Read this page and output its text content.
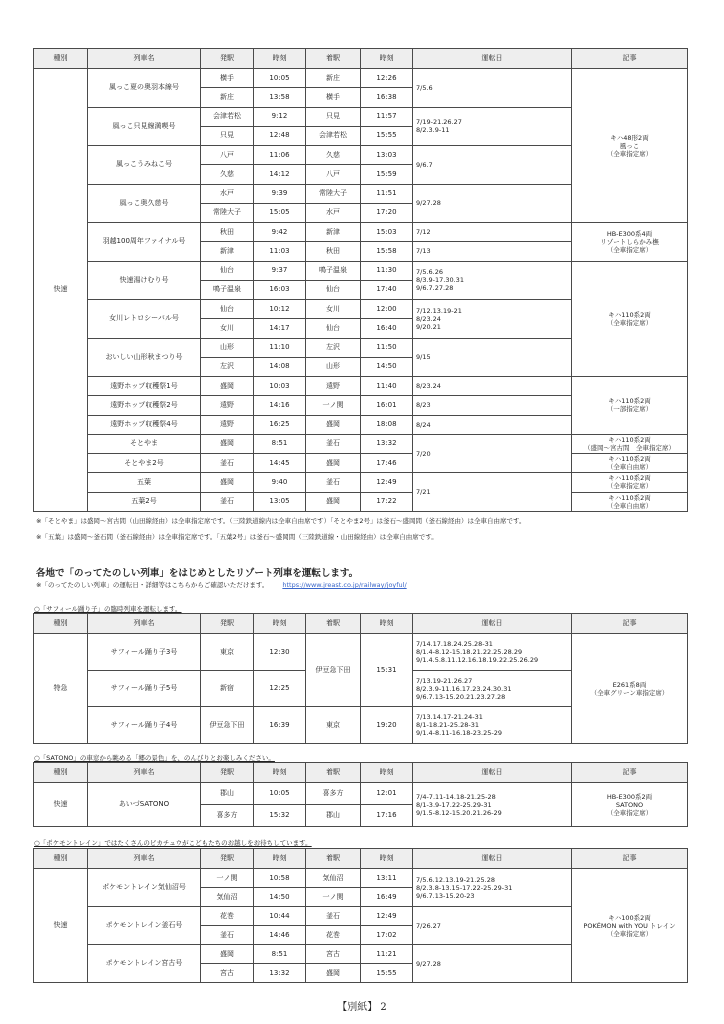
種別	列車名	発駅	時刻	着駅	時刻	運転日	記事
快速	風っこ夏の奥羽本線号	横手	10:05	新庄	12:26	7/5.6	キハ48形2両
風っこ
（全車指定席）
		新庄	13:58	横手	16:38		
	風っこ只見線満喫号	会津若松	9:12	只見	11:57	7/19-21.26.27
8/2.3.9-11	
		只見	12:48	会津若松	15:55		
	風っこうみねこ号	八戸	11:06	久慈	13:03	9/6.7	
		久慈	14:12	八戸	15:59		
	風っこ奥久慈号	水戸	9:39	常陸大子	11:51	9/27.28	
		常陸大子	15:05	水戸	17:20		
	羽越100周年ファイナル号	秋田	9:42	新津	15:03	7/12	HB-E300系4両
リゾートしらかみ橅
（全車指定席）
		新津	11:03	秋田	15:58	7/13	
	快速湯けむり号	仙台	9:37	鳴子温泉	11:30	7/5.6.26
8/3.9-17.30.31
9/6.7.27.28	キハ110系2両
（全車指定席）
		鳴子温泉	16:03	仙台	17:40		
	女川レトロシーバル号	仙台	10:12	女川	12:00	7/12.13.19-21
8/23.24
9/20.21	
		女川	14:17	仙台	16:40		
	おいしい山形秋まつり号	山形	11:10	左沢	11:50	9/15	
		左沢	14:08	山形	14:50		
	遠野ホップ収穫祭1号	盛岡	10:03	遠野	11:40	8/23.24	キハ110系2両
（一部指定席）
	遠野ホップ収穫祭2号	遠野	14:16	一ノ関	16:01	8/23	
	遠野ホップ収穫祭4号	遠野	16:25	盛岡	18:08	8/24	
	そとやま	盛岡	8:51	釜石	13:32	7/20	キハ110系2両
（盛岡～宮古間　全車指定席）
	そとやま2号	釜石	14:45	盛岡	17:46		キハ110系2両
（全車自由席）
	五葉	盛岡	9:40	釜石	12:49	7/21	キハ110系2両
（全車指定席）
	五葉2号	釜石	13:05	盛岡	17:22		キハ110系2両
（全車自由席）
※「そとやま」は盛岡～宮古間（山田線経由）は全車指定席です。（三陸鉄道線内は全車自由席です）「そとやま2号」は釜石～盛岡間（釜石線経由）は全車自由席です。
※「五葉」は盛岡～釜石間（釜石線経由）は全車指定席です。「五葉2号」は釜石～盛岡間（三陸鉄道線・山田線経由）は全車自由席です。
各地で「のってたのしい列車」をはじめとしたリゾート列車を運転します。
※「のってたのしい列車」の運転日・詳細等はこちらからご確認いただけます。 https://www.jreast.co.jp/railway/joyful/
○「サフィール踊り子」の臨時列車を運転します。
種別	列車名	発駅	時刻	着駅	時刻	運転日	記事
特急	サフィール踊り子3号	東京	12:30	伊豆急下田	15:31	7/14.17.18.24.25.28-31
8/1.4-8.12-15.18.21.22.25.28.29
9/1.4.5.8.11.12.16.18.19.22.25.26.29	E261系8両
（全車グリーン車指定席）
	サフィール踊り子5号	新宿	12:25			7/13.19-21.26.27
8/2.3.9-11.16.17.23.24.30.31
9/6.7.13-15.20.21.23.27.28	
	サフィール踊り子4号	伊豆急下田	16:39	東京	19:20	7/13.14.17-21.24-31
8/1-18.21-25.28-31
9/1.4-8.11-16.18-23.25-29	
○「SATONO」の車窓から眺める「郷の景色」を、のんびりとお楽しみください。
種別	列車名	発駅	時刻	着駅	時刻	運転日	記事
快速	あいづSATONO	郡山	10:05	喜多方	12:01	7/4-7.11-14.18-21.25-28
8/1-3.9-17.22-25.29-31
9/1.5-8.12-15.20.21.26-29	HB-E300系2両
SATONO
（全車指定席）
		喜多方	15:32	郡山	17:16		
○「ポケモントレイン」ではたくさんのピカチュウがこどもたちのお越しをお待ちしています。
種別	列車名	発駅	時刻	着駅	時刻	運転日	記事
快速	ポケモントレイン気仙沼号	一ノ関	10:58	気仙沼	13:11	7/5.6.12.13.19-21.25.28
8/2.3.8-13.15-17.22-25.29-31
9/6.7.13-15.20-23	キハ100系2両
POKÉMON with YOU トレイン
（全車指定席）
		気仙沼	14:50	一ノ関	16:49		
	ポケモントレイン釜石号	花巻	10:44	釜石	12:49	7/26.27	
		釜石	14:46	花巻	17:02		
	ポケモントレイン宮古号	盛岡	8:51	宮古	11:21	9/27.28	
		宮古	13:32	盛岡	15:55		
【別紙】 2
